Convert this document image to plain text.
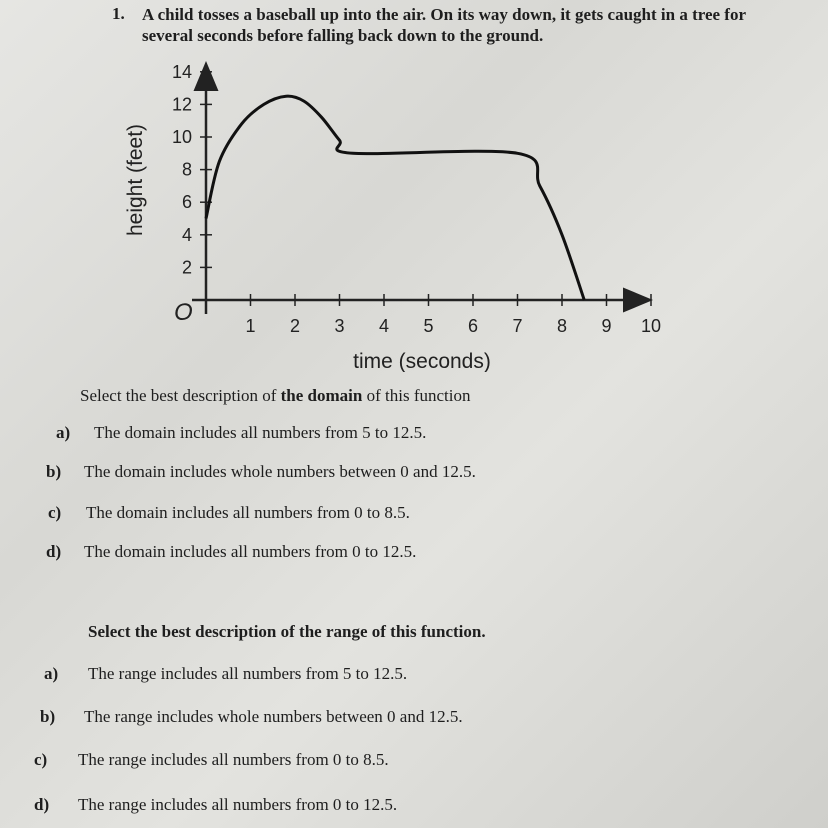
1. A child tosses a baseball up into the air. On its way down, it gets caught in a tree for
several seconds before falling back down to the ground.
1 2 3 4 5 6 7 8 9 10
2
4
6
8
10
12
14
O
time (seconds)
height (feet)
Select the best description of the domain of this function
a)	The domain includes all numbers from 5 to 12.5.
b)	The domain includes whole numbers between 0 and 12.5.
c)	The domain includes all numbers from 0 to 8.5.
d)	The domain includes all numbers from 0 to 12.5.
Select the best description of the range of this function.
a)	The range includes all numbers from 5 to 12.5.
b)	The range includes whole numbers between 0 and 12.5.
c)	The range includes all numbers from 0 to 8.5.
d)	The range includes all numbers from 0 to 12.5.
